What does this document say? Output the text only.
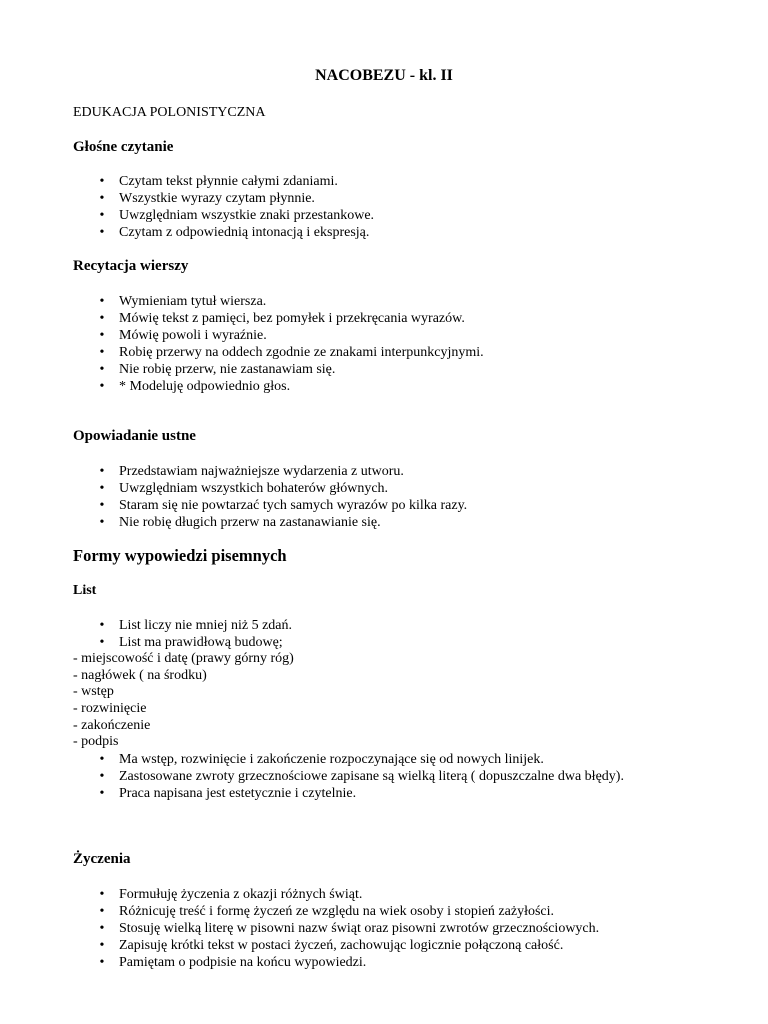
NACOBEZU - kl. II
EDUKACJA POLONISTYCZNA
Głośne czytanie
• Czytam tekst płynnie całymi zdaniami.
• Wszystkie wyrazy czytam płynnie.
• Uwzględniam wszystkie znaki przestankowe.
• Czytam z odpowiednią intonacją i ekspresją.
Recytacja wierszy
• Wymieniam tytuł wiersza.
• Mówię tekst z pamięci, bez pomyłek i przekręcania wyrazów.
• Mówię powoli i wyraźnie.
• Robię przerwy na oddech zgodnie ze znakami interpunkcyjnymi.
• Nie robię przerw, nie zastanawiam się.
• * Modeluję odpowiednio głos.
Opowiadanie ustne
• Przedstawiam najważniejsze wydarzenia z utworu.
• Uwzględniam wszystkich bohaterów głównych.
• Staram się nie powtarzać tych samych wyrazów po kilka razy.
• Nie robię długich przerw na zastanawianie się.
Formy wypowiedzi pisemnych
List
• List liczy nie mniej niż 5 zdań.
• List ma prawidłową budowę;
- miejscowość i datę (prawy górny róg)
- nagłówek ( na środku)
- wstęp
- rozwinięcie
- zakończenie
- podpis
• Ma wstęp, rozwinięcie i zakończenie rozpoczynające się od nowych linijek.
• Zastosowane zwroty grzecznościowe zapisane są wielką literą ( dopuszczalne dwa błędy).
• Praca napisana jest estetycznie i czytelnie.
Życzenia
• Formułuję życzenia z okazji różnych świąt.
• Różnicuję treść i formę życzeń ze względu na wiek osoby i stopień zażyłości.
• Stosuję wielką literę w pisowni nazw świąt oraz pisowni zwrotów grzecznościowych.
• Zapisuję krótki tekst w postaci życzeń, zachowując logicznie połączoną całość.
• Pamiętam o podpisie na końcu wypowiedzi.
